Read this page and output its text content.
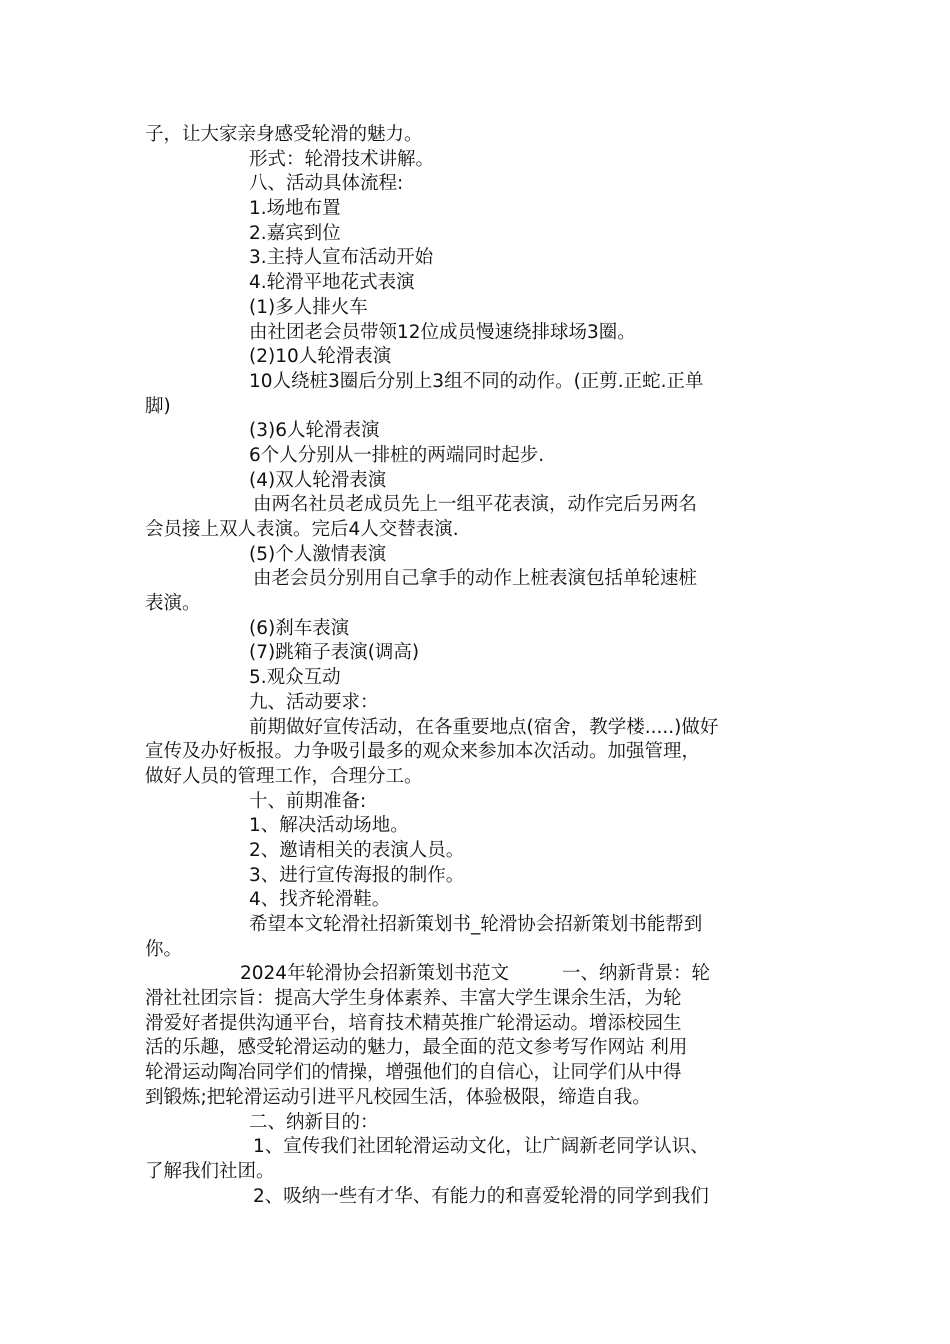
子，让大家亲身感受轮滑的魅力。
形式：轮滑技术讲解。
八、活动具体流程:
1.场地布置
2.嘉宾到位
3.主持人宣布活动开始
4.轮滑平地花式表演
(1)多人排火车
由社团老会员带领12位成员慢速绕排球场3圈。
(2)10人轮滑表演
10人绕桩3圈后分别上3组不同的动作。(正剪.正蛇.正单
脚)
(3)6人轮滑表演
6个人分别从一排桩的两端同时起步.
(4)双人轮滑表演
由两名社员老成员先上一组平花表演，动作完后另两名
会员接上双人表演。完后4人交替表演.
(5)个人激情表演
由老会员分别用自己拿手的动作上桩表演包括单轮速桩
表演。
(6)刹车表演
(7)跳箱子表演(调高)
5.观众互动
九、活动要求：
前期做好宣传活动，在各重要地点(宿舍，教学楼.....)做好
宣传及办好板报。力争吸引最多的观众来参加本次活动。加强管理，
做好人员的管理工作，合理分工。
十、前期准备:
1、解决活动场地。
2、邀请相关的表演人员。
3、进行宣传海报的制作。
4、找齐轮滑鞋。
希望本文轮滑社招新策划书_轮滑协会招新策划书能帮到
你。
2024年轮滑协会招新策划书范文         一、纳新背景：轮
滑社社团宗旨：提高大学生身体素养、丰富大学生课余生活，为轮
滑爱好者提供沟通平台，培育技术精英推广轮滑运动。增添校园生
活的乐趣，感受轮滑运动的魅力，最全面的范文参考写作网站 利用
轮滑运动陶冶同学们的情操，增强他们的自信心，让同学们从中得
到锻炼;把轮滑运动引进平凡校园生活，体验极限，缔造自我。
二、纳新目的：
1、宣传我们社团轮滑运动文化，让广阔新老同学认识、
了解我们社团。
2、吸纳一些有才华、有能力的和喜爱轮滑的同学到我们
